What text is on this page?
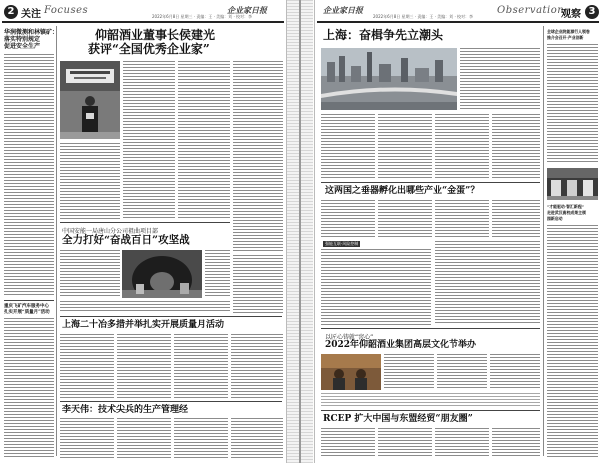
2 关注 Focuses
2022年6月8日 星期三 · 责编：王 · 美编：刘 · 校对：李
企业家日报
华润微测和林镇矿：
落实特别规定
促进安全生产
重庆飞矿汽车服务中心
扎实开展“质量月”活动
仰韶酒业董事长侯建光
获评“全国优秀企业家”
中国安能一局唐山分公司祖曲项目部
全力打好“奋战百日”攻坚战
上海二十冶多措并举扎实开展质量月活动
李天伟：技术尖兵的生产管理经
企业家日报
2022年6月8日 星期三 · 责编：王 · 美编：刘 · 校对：李
Observation
观察 3
全球企业院能源行人领卷
推介会召开·产业创新
“才能驱动·智汇新程”
走进武汉高校成果主颁
园新启动
上海：奋楫争先立潮头
这两国之垂器孵化出哪些产业“金蛋”？
强能互联·风险控制
以匠心铸就“窖心”
2022年仰韶酒业集团高层文化节举办
RCEP 扩大中国与东盟经贸“朋友圈”
